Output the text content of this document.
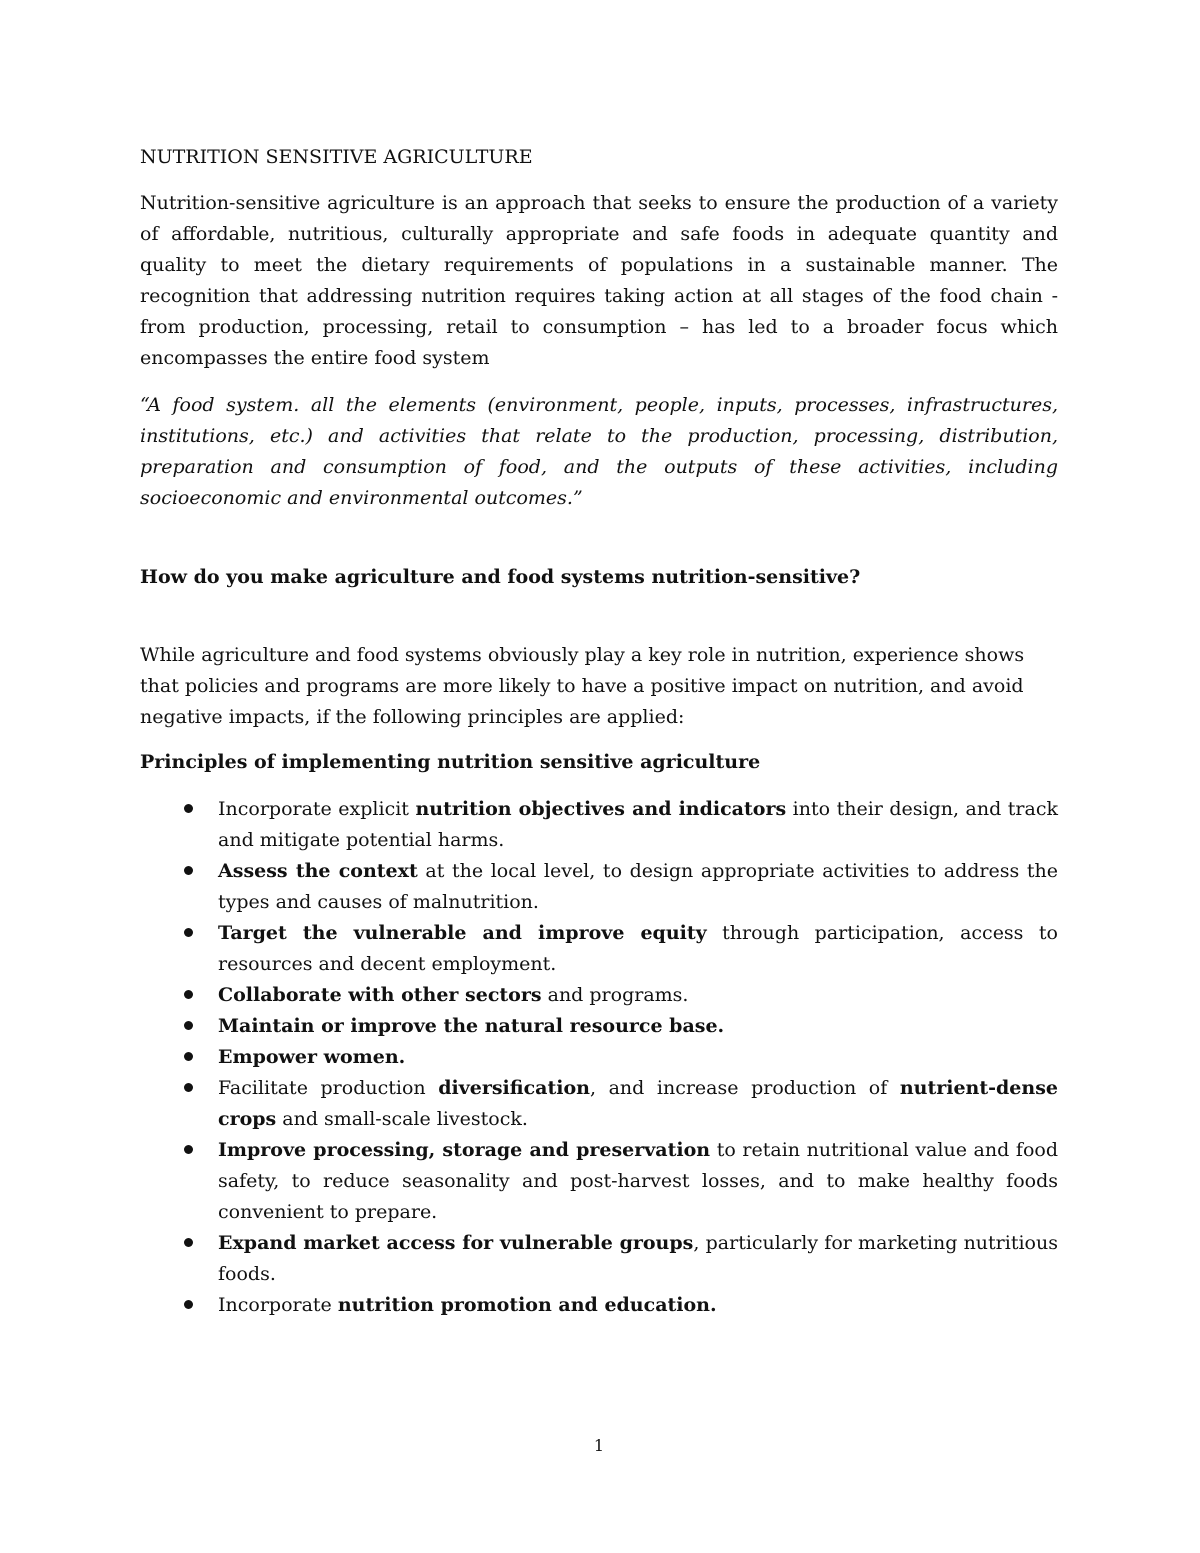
NUTRITION SENSITIVE AGRICULTURE

Nutrition-sensitive agriculture is an approach that seeks to ensure the production of a variety of affordable, nutritious, culturally appropriate and safe foods in adequate quantity and quality to meet the dietary requirements of populations in a sustainable manner. The recognition that addressing nutrition requires taking action at all stages of the food chain - from production, processing, retail to consumption – has led to a broader focus which encompasses the entire food system

“A food system. all the elements (environment, people, inputs, processes, infrastructures, institutions, etc.) and activities that relate to the production, processing, distribution, preparation and consumption of food, and the outputs of these activities, including socioeconomic and environmental outcomes.”

How do you make agriculture and food systems nutrition-sensitive?

While agriculture and food systems obviously play a key role in nutrition, experience shows that policies and programs are more likely to have a positive impact on nutrition, and avoid negative impacts, if the following principles are applied:

Principles of implementing nutrition sensitive agriculture
Incorporate explicit nutrition objectives and indicators into their design, and track and mitigate potential harms.
Assess the context at the local level, to design appropriate activities to address the types and causes of malnutrition.
Target the vulnerable and improve equity through participation, access to resources and decent employment.
Collaborate with other sectors and programs.
Maintain or improve the natural resource base.
Empower women.
Facilitate production diversification, and increase production of nutrient-dense crops and small-scale livestock.
Improve processing, storage and preservation to retain nutritional value and food safety, to reduce seasonality and post-harvest losses, and to make healthy foods convenient to prepare.
Expand market access for vulnerable groups, particularly for marketing nutritious foods.
Incorporate nutrition promotion and education.

1
